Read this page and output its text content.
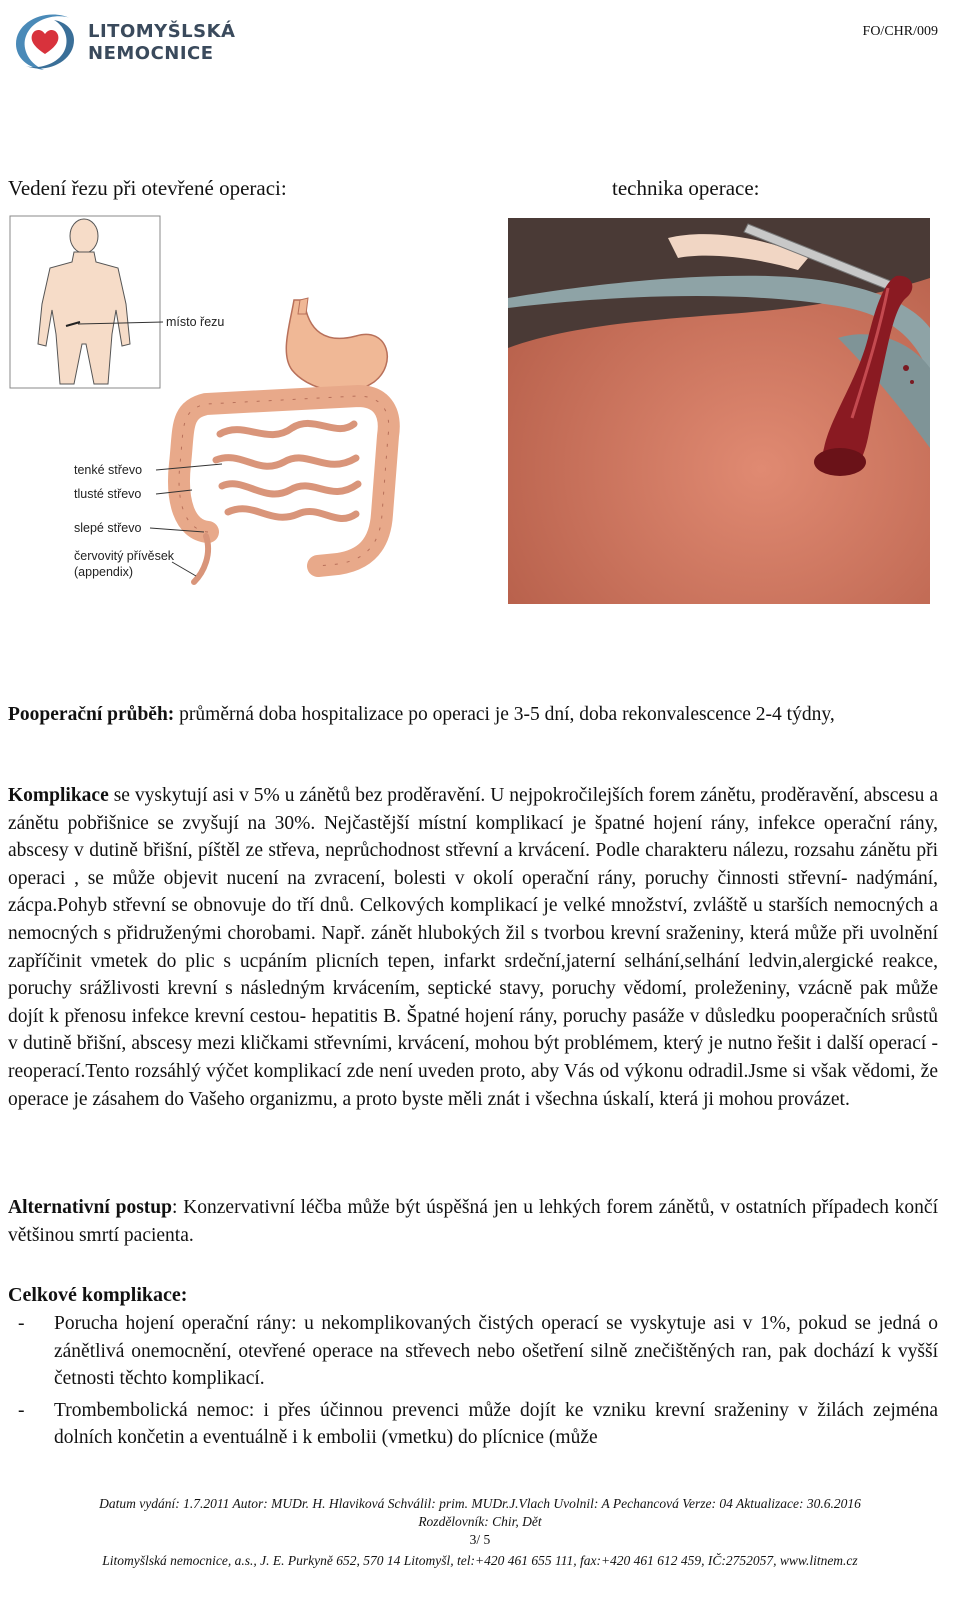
LITOMYŠLSKÁ
NEMOCNICE
FO/CHR/009
Vedení řezu při otevřené operaci:	technika operace:
místo řezu
tenké střevo
tlusté střevo
slepé střevo
červovitý přívěsek
(appendix)
Pooperační průběh: průměrná doba hospitalizace po operaci je 3-5 dní, doba rekonvalescence 2-4 týdny,
Komplikace se vyskytují asi v 5% u zánětů bez proděravění. U nejpokročilejších forem zánětu, proděravění, abscesu a zánětu pobřišnice se zvyšují na 30%. Nejčastější místní komplikací je špatné hojení rány, infekce operační rány, abscesy v dutině břišní, píštěl ze střeva, neprůchodnost střevní a krvácení. Podle charakteru nálezu, rozsahu zánětu při operaci , se může objevit nucení na zvracení, bolesti v okolí operační rány, poruchy činnosti střevní- nadýmání, zácpa.Pohyb střevní se obnovuje do tří dnů. Celkových komplikací je velké množství, zvláště u starších nemocných a nemocných s přidruženými chorobami. Např. zánět hlubokých žil s tvorbou krevní sraženiny, která může při uvolnění zapříčinit vmetek do plic s ucpáním plicních tepen, infarkt srdeční,jaterní selhání,selhání ledvin,alergické reakce, poruchy srážlivosti krevní s následným krvácením, septické stavy, poruchy vědomí, proleženiny, vzácně pak může dojít k přenosu infekce krevní cestou- hepatitis B. Špatné hojení rány, poruchy pasáže v důsledku pooperačních srůstů v dutině břišní, abscesy mezi kličkami střevními, krvácení, mohou být problémem, který je nutno řešit i další operací - reoperací.Tento rozsáhlý výčet komplikací zde není uveden proto, aby Vás od výkonu odradil.Jsme si však vědomi, že operace je zásahem do Vašeho organizmu, a proto byste měli znát i všechna úskalí, která ji mohou provázet.
Alternativní postup: Konzervativní léčba může být úspěšná jen u lehkých forem zánětů, v ostatních případech končí většinou smrtí pacienta.
Celkové komplikace:
- Porucha hojení operační rány: u nekomplikovaných čistých operací se vyskytuje asi v 1%, pokud se jedná o zánětlivá onemocnění, otevřené operace na střevech nebo ošetření silně znečištěných ran, pak dochází k vyšší četnosti těchto komplikací.
- Trombembolická nemoc: i přes účinnou prevenci může dojít ke vzniku krevní sraženiny v žilách zejména dolních končetin a eventuálně i k embolii (vmetku) do plícnice (může
Datum vydání: 1.7.2011 Autor: MUDr. H. Hlaviková Schválil: prim. MUDr.J.Vlach Uvolnil: A Pechancová Verze: 04 Aktualizace: 30.6.2016
Rozdělovník: Chir, Dět
3/ 5
Litomyšlská nemocnice, a.s., J. E. Purkyně 652, 570 14 Litomyšl, tel:+420 461 655 111, fax:+420 461 612 459, IČ:2752057, www.litnem.cz
